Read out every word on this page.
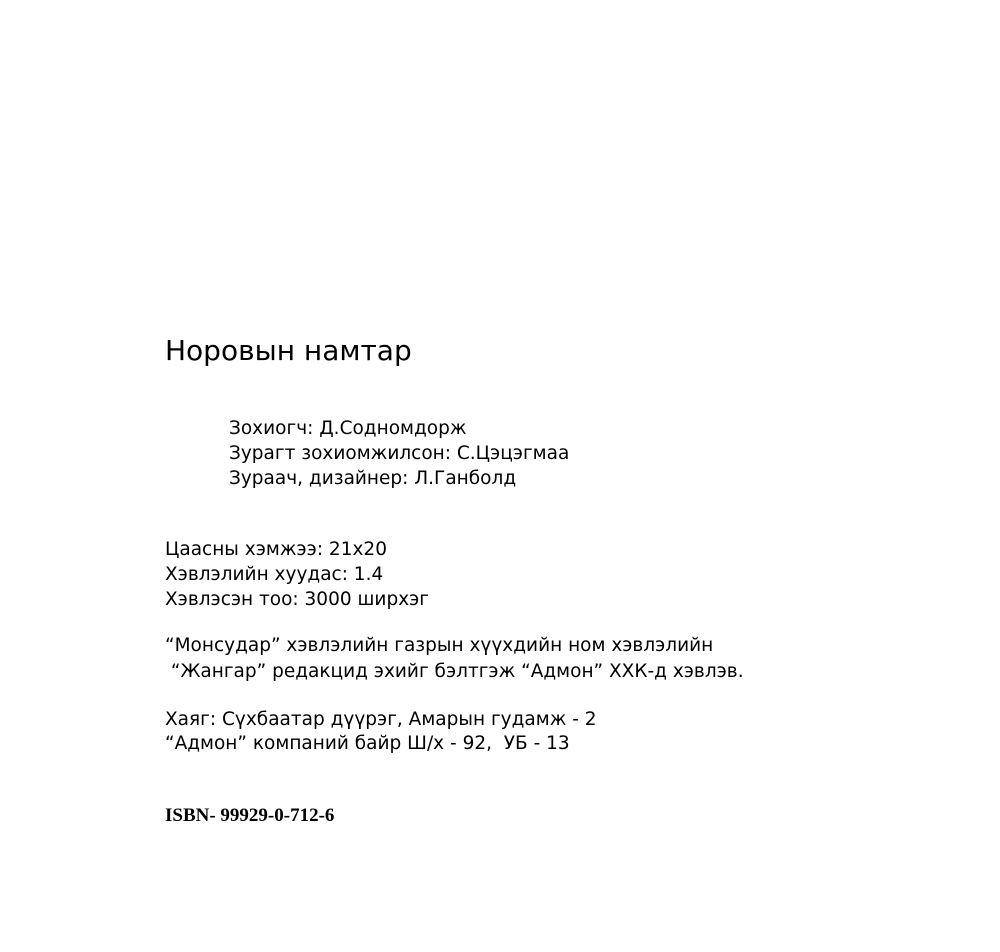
Норовын намтар
Зохиогч: Д.Содномдорж
Зурагт зохиомжилсон: С.Цэцэгмаа
Зураач, дизайнер: Л.Ганболд
Цаасны хэмжээ: 21х20
Хэвлэлийн хуудас: 1.4
Хэвлэсэн тоо: 3000 ширхэг
“Монсудар” хэвлэлийн газрын хүүхдийн ном хэвлэлийн
“Жангар” редакцид эхийг бэлтгэж “Адмон” ХХК-д хэвлэв.
Хаяг: Сүхбаатар дүүрэг, Амарын гудамж - 2
“Адмон” компаний байр Ш/х - 92,  УБ - 13
ISBN- 99929-0-712-6
